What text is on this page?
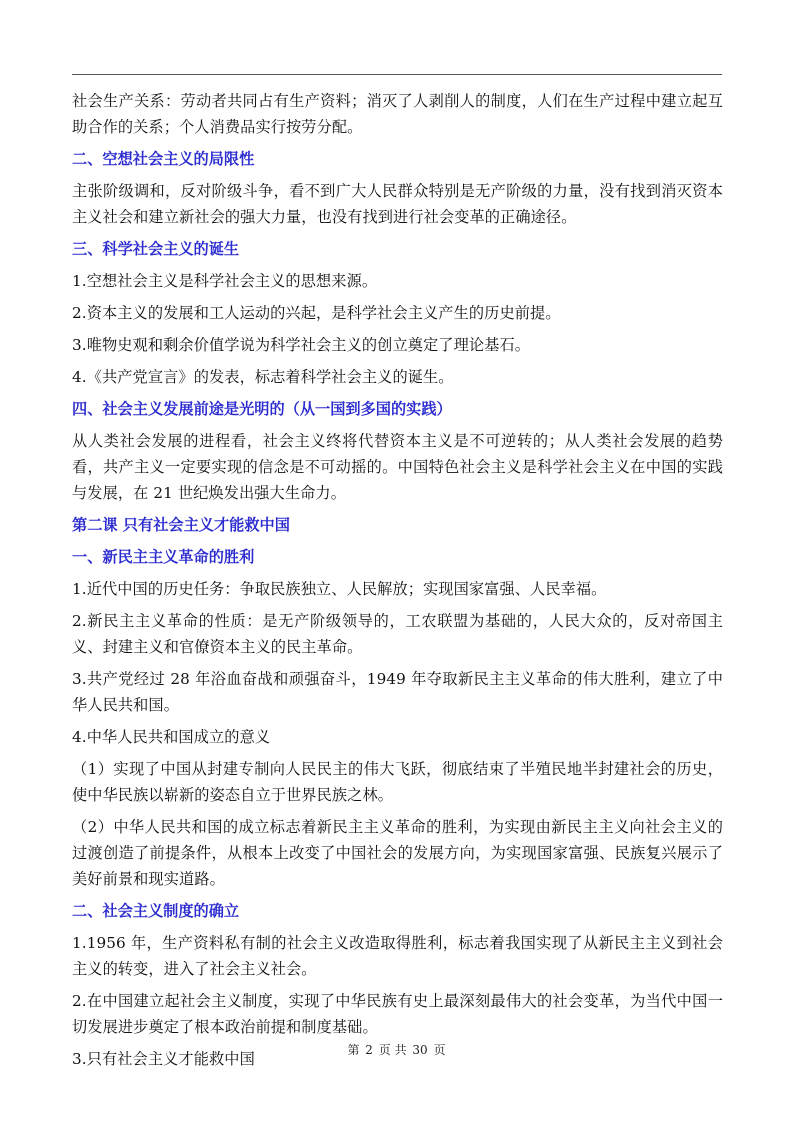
社会生产关系：劳动者共同占有生产资料；消灭了人剥削人的制度，人们在生产过程中建立起互助合作的关系；个人消费品实行按劳分配。

二、空想社会主义的局限性

主张阶级调和，反对阶级斗争，看不到广大人民群众特别是无产阶级的力量，没有找到消灭资本主义社会和建立新社会的强大力量，也没有找到进行社会变革的正确途径。

三、科学社会主义的诞生

1.空想社会主义是科学社会主义的思想来源。

2.资本主义的发展和工人运动的兴起，是科学社会主义产生的历史前提。

3.唯物史观和剩余价值学说为科学社会主义的创立奠定了理论基石。

4.《共产党宣言》的发表，标志着科学社会主义的诞生。

四、社会主义发展前途是光明的（从一国到多国的实践）

从人类社会发展的进程看，社会主义终将代替资本主义是不可逆转的；从人类社会发展的趋势看，共产主义一定要实现的信念是不可动摇的。中国特色社会主义是科学社会主义在中国的实践与发展，在 21 世纪焕发出强大生命力。

第二课 只有社会主义才能救中国

一、新民主主义革命的胜利

1.近代中国的历史任务：争取民族独立、人民解放；实现国家富强、人民幸福。

2.新民主主义革命的性质：是无产阶级领导的，工农联盟为基础的，人民大众的，反对帝国主义、封建主义和官僚资本主义的民主革命。

3.共产党经过 28 年浴血奋战和顽强奋斗，1949 年夺取新民主主义革命的伟大胜利，建立了中华人民共和国。

4.中华人民共和国成立的意义

（1）实现了中国从封建专制向人民民主的伟大飞跃，彻底结束了半殖民地半封建社会的历史，使中华民族以崭新的姿态自立于世界民族之林。

（2）中华人民共和国的成立标志着新民主主义革命的胜利，为实现由新民主主义向社会主义的过渡创造了前提条件，从根本上改变了中国社会的发展方向，为实现国家富强、民族复兴展示了美好前景和现实道路。

二、社会主义制度的确立

1.1956 年，生产资料私有制的社会主义改造取得胜利，标志着我国实现了从新民主主义到社会主义的转变，进入了社会主义社会。

2.在中国建立起社会主义制度，实现了中华民族有史上最深刻最伟大的社会变革，为当代中国一切发展进步奠定了根本政治前提和制度基础。

3.只有社会主义才能救中国	第 2 页 共 30 页
